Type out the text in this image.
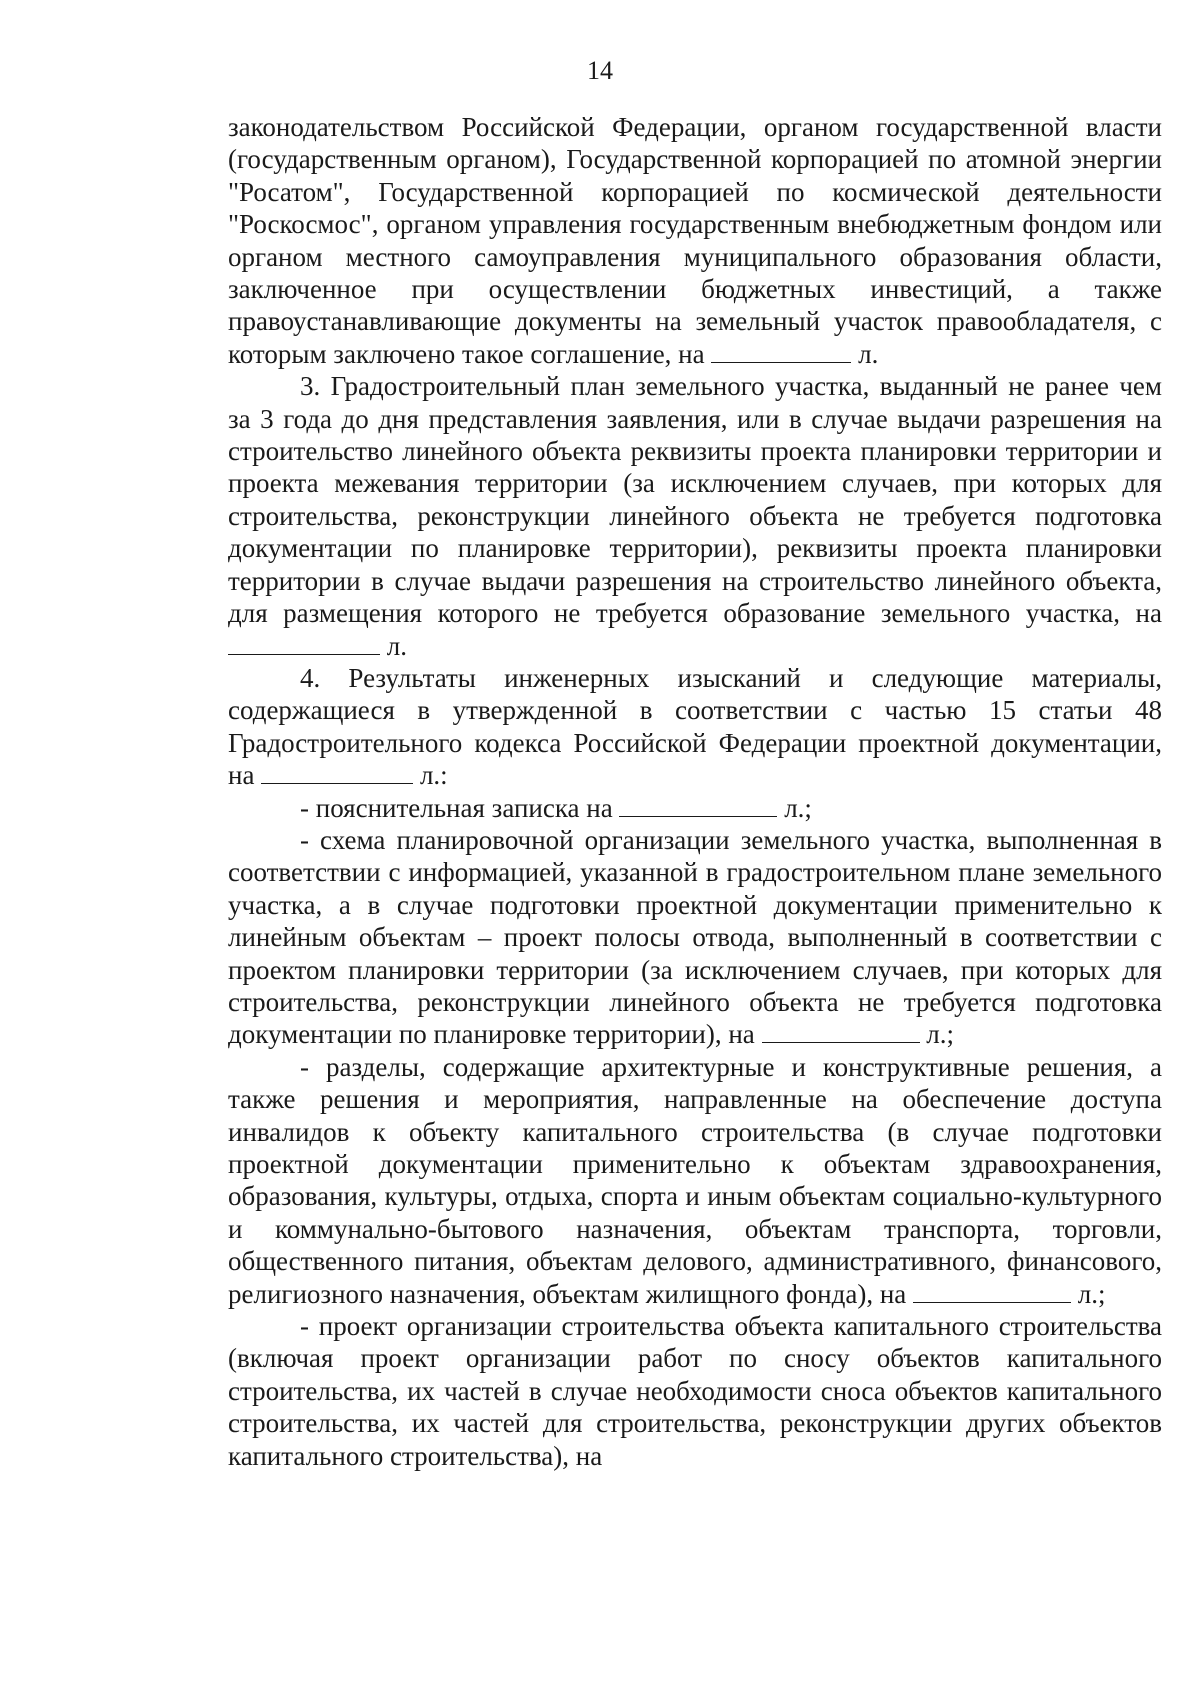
14

законодательством Российской Федерации, органом государственной власти (государственным органом), Государственной корпорацией по атомной энергии "Росатом", Государственной корпорацией по космической деятельности "Роскосмос", органом управления государственным внебюджетным фондом или органом местного самоуправления муниципального образования области, заключенное при осуществлении бюджетных инвестиций, а также правоустанавливающие документы на земельный участок правообладателя, с которым заключено такое соглашение, на	л.

3. Градостроительный план земельного участка, выданный не ранее чем за 3 года до дня представления заявления, или в случае выдачи разрешения на строительство линейного объекта реквизиты проекта планировки территории и проекта межевания территории (за исключением случаев, при которых для строительства, реконструкции линейного объекта не требуется подготовка документации по планировке территории), реквизиты проекта планировки территории в случае выдачи разрешения на строительство линейного объекта, для размещения которого не требуется образование земельного участка, на  л.

4. Результаты инженерных изысканий и следующие материалы, содержащиеся в утвержденной в соответствии с частью 15 статьи 48 Градостроительного кодекса Российской Федерации проектной документации, на	л.:

- пояснительная записка на	л.;

- схема планировочной организации земельного участка, выполненная в соответствии с информацией, указанной в градостроительном плане земельного участка, а в случае подготовки проектной документации применительно к линейным объектам – проект полосы отвода, выполненный в соответствии с проектом планировки территории (за исключением случаев, при которых для строительства, реконструкции линейного объекта не требуется подготовка документации по планировке территории), на	л.;

- разделы, содержащие архитектурные и конструктивные решения, а также решения и мероприятия, направленные на обеспечение доступа инвалидов к объекту капитального строительства (в случае подготовки проектной документации применительно к объектам здравоохранения, образования, культуры, отдыха, спорта и иным объектам социально-культурного и коммунально-бытового назначения, объектам транспорта, торговли, общественного питания, объектам делового, административного, финансового, религиозного назначения, объектам жилищного фонда), на	л.;

- проект организации строительства объекта капитального строительства (включая проект организации работ по сносу объектов капитального строительства, их частей в случае необходимости сноса объектов капитального строительства, их частей для строительства, реконструкции других объектов капитального строительства), на
